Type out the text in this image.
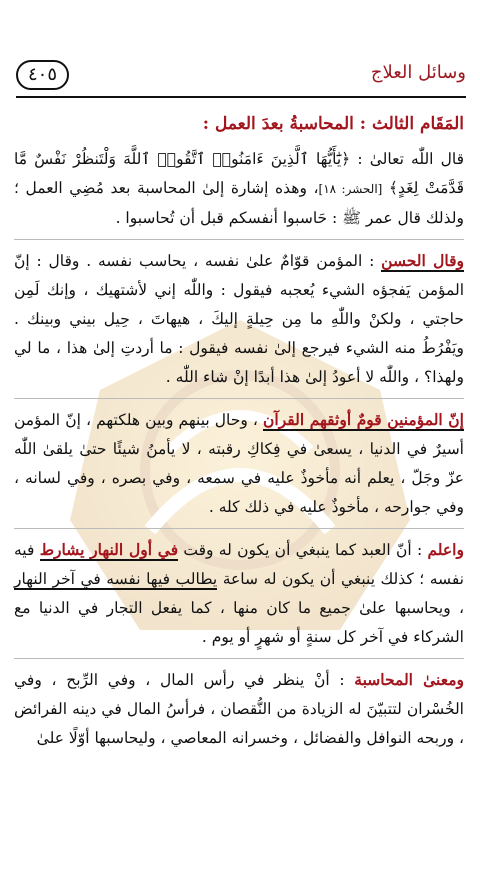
وسائل العلاج
٤٠٥
المَقَام الثالث : المحاسبةُ بعدَ العمل :

قال اللّٰه تعالىٰ : ﴿يَٰٓأَيُّهَا ٱلَّذِينَ ءَامَنُوا۟ ٱتَّقُوا۟ ٱللَّهَ وَلْتَنظُرْ نَفْسٌ مَّا قَدَّمَتْ لِغَدٍ﴾ [الحشر: ١٨]، وهذه إشارة إلىٰ المحاسبة بعد مُضِي العمل ؛ ولذلك قال عمر ﷺ : حَاسبوا أنفسكم قبل أن تُحاسبوا .

وقال الحسن : المؤمن قوّامٌ علىٰ نفسه ، يحاسب نفسه . وقال : إنّ المؤمن يَفجؤه الشيء يُعجبه فيقول : واللّٰه إني لأشتهيك ، وإنك لَمِن حاجتي ، ولكنْ واللّٰهِ ما مِن حِيلةٍ إليكَ ، هيهاتَ ، حِيل بيني وبينك . ويَفْرُطُ منه الشيء فيرجع إلىٰ نفسه فيقول : ما أردتِ إلىٰ هذا ، ما لي ولهذا؟ ، واللّٰه لا أعودُ إلىٰ هذا أبدًا إنْ شاء اللّٰه .

إنّ المؤمنين قومٌ أوثقهم القرآن ، وحال بينهم وبين هلكتهم ، إنّ المؤمن أسيرٌ في الدنيا ، يسعىٰ في فِكاكِ رقبته ، لا يأمنُ شيئًا حتىٰ يلقىٰ اللّٰه عزّ وجَلّ ، يعلم أنه مأخوذٌ عليه في سمعه ، وفي بصره ، وفي لسانه ، وفي جوارحه ، مأخوذٌ عليه في ذلك كله .

واعلم : أنّ العبد كما ينبغي أن يكون له وقت في أول النهار يشارط فيه نفسه ؛ كذلك ينبغي أن يكون له ساعة يطالب فيها نفسه في آخر النهار ، ويحاسبها علىٰ جميع ما كان منها ، كما يفعل التجار في الدنيا مع الشركاء في آخر كل سنةٍ أو شهرٍ أو يوم .

ومعنىٰ المحاسبة : أنْ ينظر في رأس المال ، وفي الرِّبح ، وفي الخُسْران لتتبيّنَ له الزيادة من النُّقصان ، فرأسُ المال في دينه الفرائض ، وربحه النوافل والفضائل ، وخسرانه المعاصي ، وليحاسبها أوّلًا علىٰ
